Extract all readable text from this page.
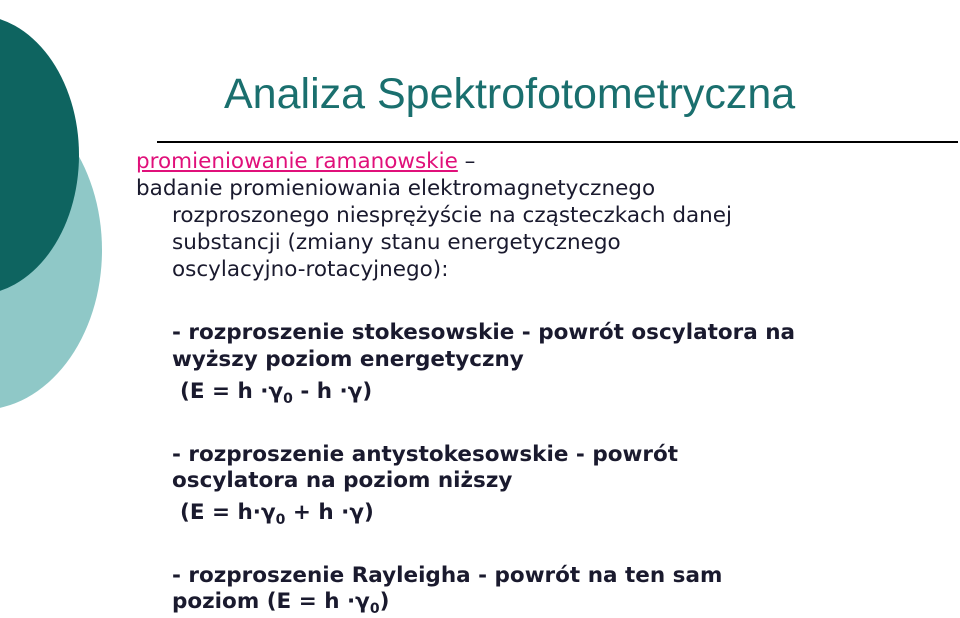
Analiza Spektrofotometryczna
promieniowanie ramanowskie –
badanie promieniowania elektromagnetycznego
rozproszonego niesprężyście na cząsteczkach danej
substancji (zmiany stanu energetycznego
oscylacyjno-rotacyjnego):
- rozproszenie stokesowskie - powrót oscylatora na
wyższy poziom energetyczny
$(E = h \cdot\gamma_0 - h \cdot\gamma)$
- rozproszenie antystokesowskie - powrót
oscylatora na poziom niższy
$(E = h\cdot\gamma_0 + h \cdot\gamma)$
- rozproszenie Rayleigha - powrót na ten sam
poziom $(E = h \cdot\gamma_0)$
